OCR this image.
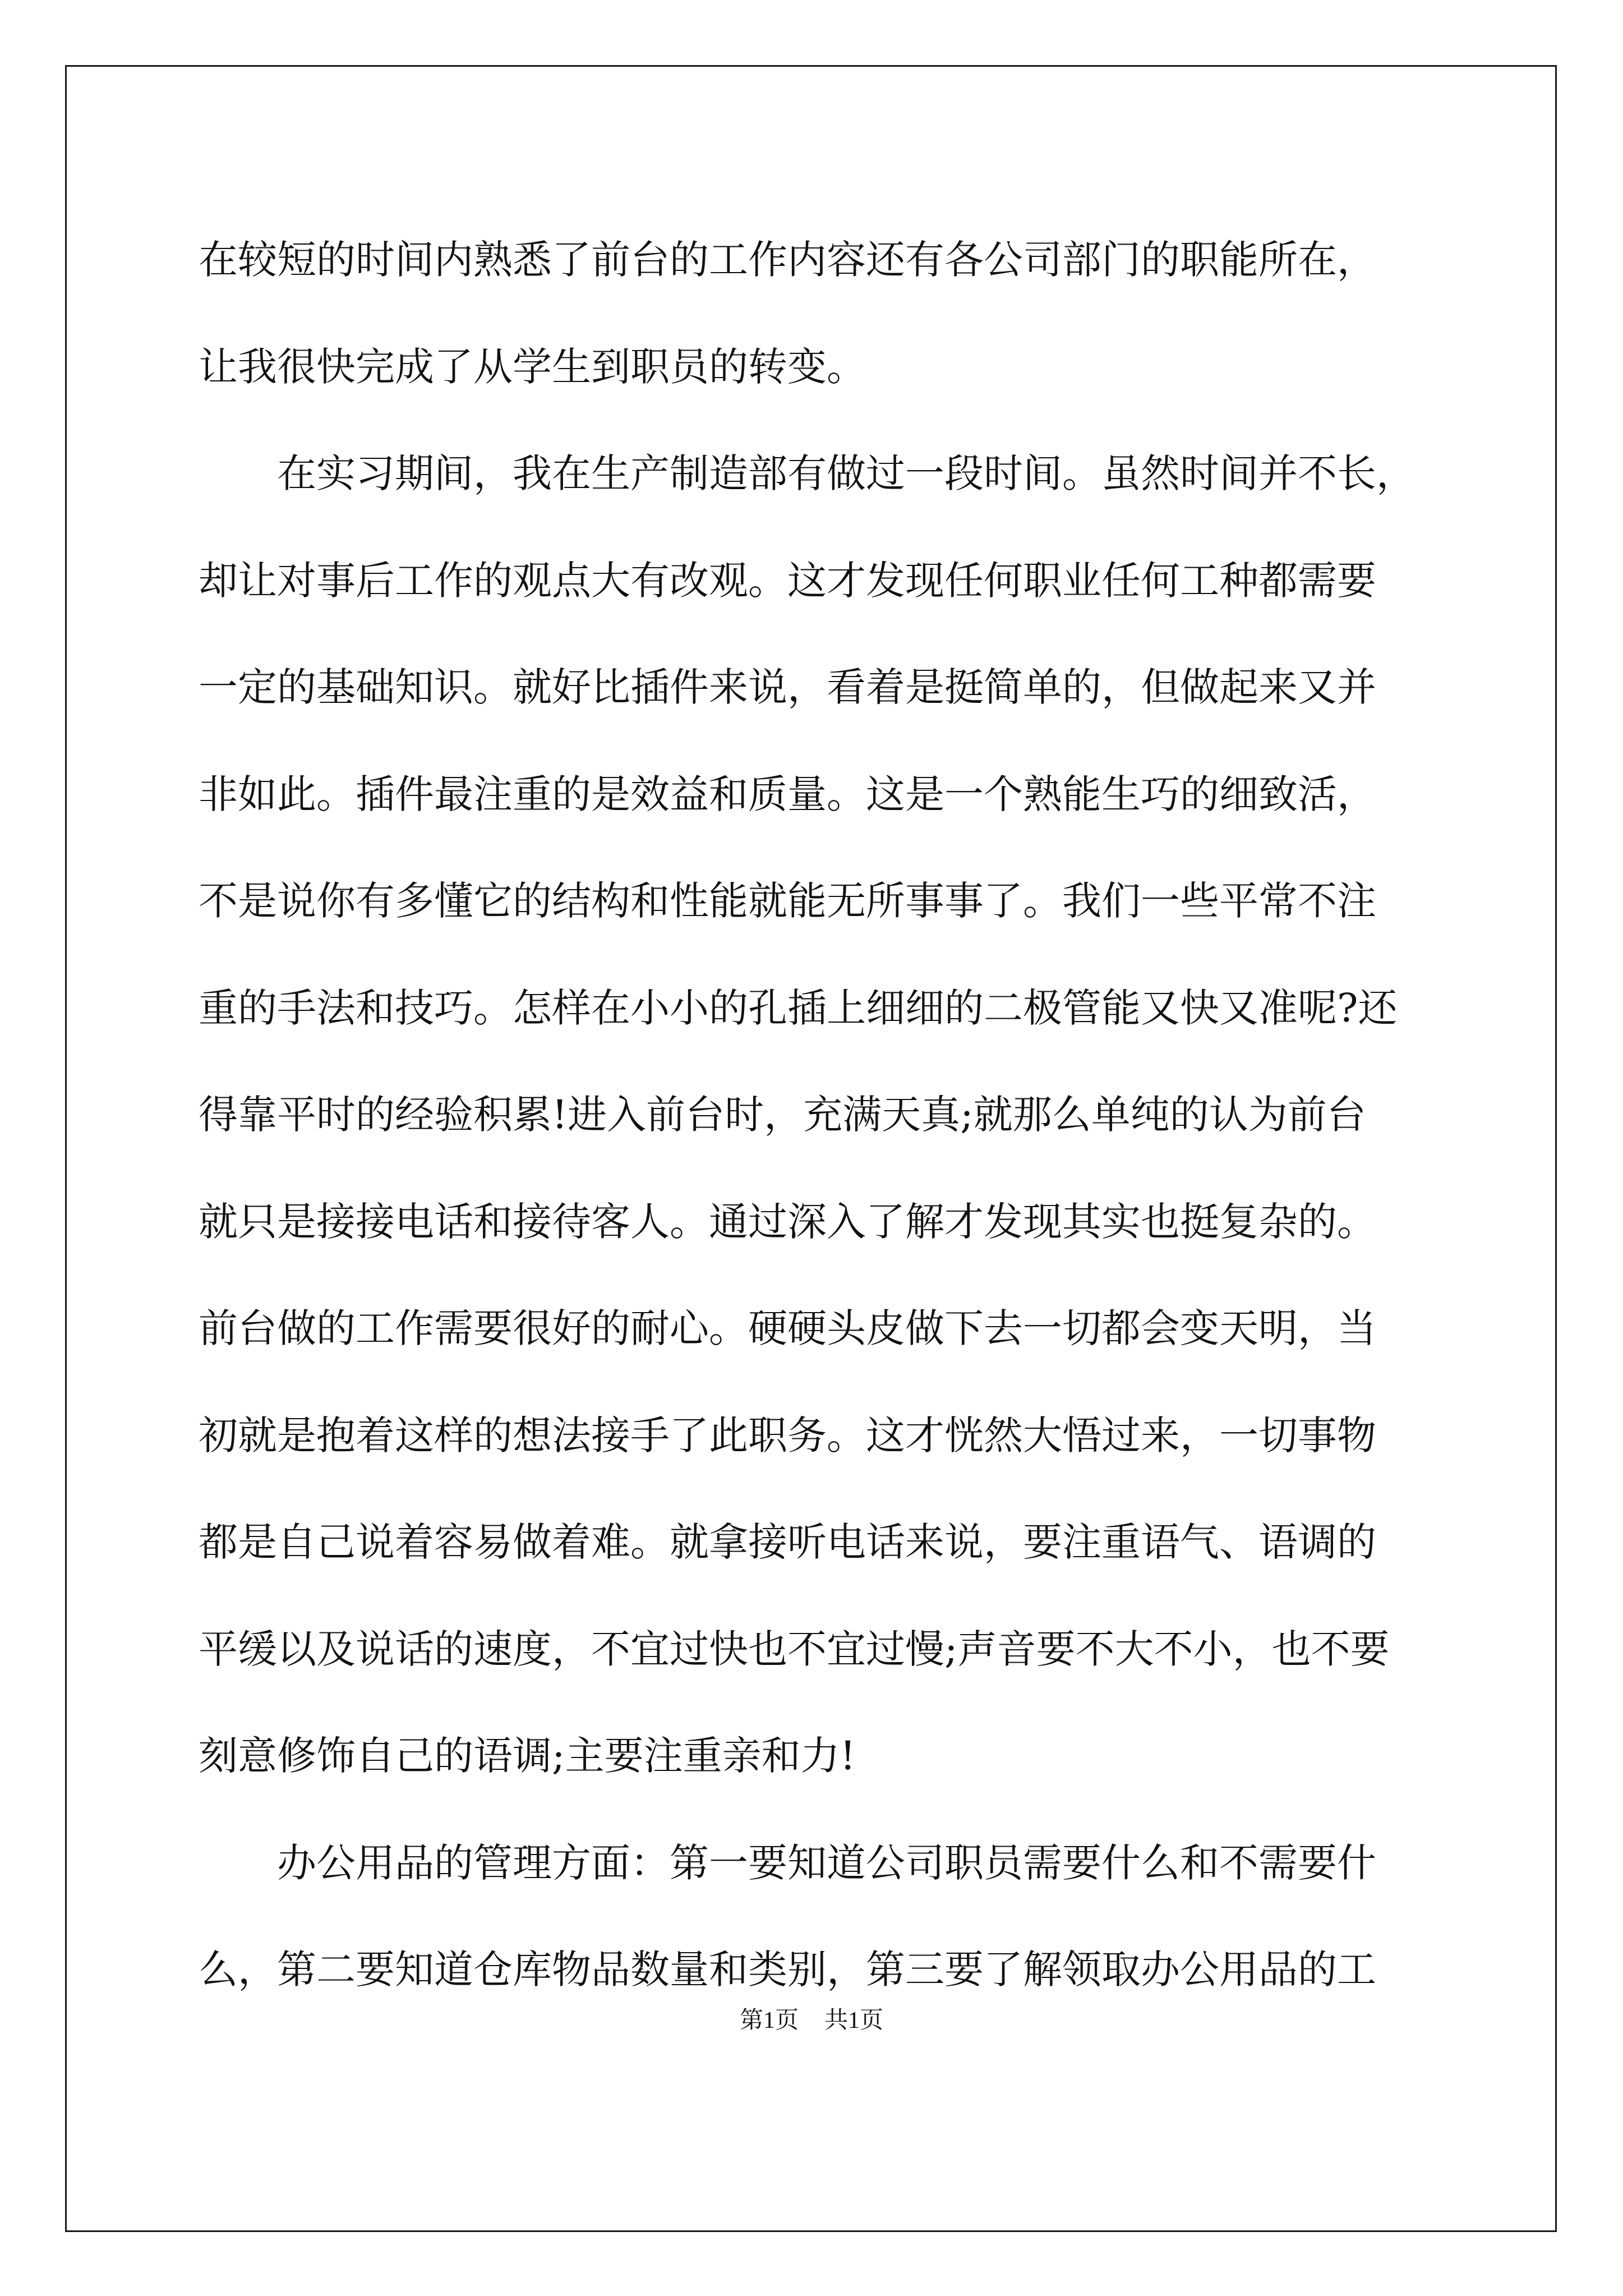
在较短的时间内熟悉了前台的工作内容还有各公司部门的职能所在，
让我很快完成了从学生到职员的转变。
在实习期间，我在生产制造部有做过一段时间。虽然时间并不长，
却让对事后工作的观点大有改观。这才发现任何职业任何工种都需要
一定的基础知识。就好比插件来说，看着是挺简单的，但做起来又并
非如此。插件最注重的是效益和质量。这是一个熟能生巧的细致活，
不是说你有多懂它的结构和性能就能无所事事了。我们一些平常不注
重的手法和技巧。怎样在小小的孔插上细细的二极管能又快又准呢?还
得靠平时的经验积累!进入前台时，充满天真;就那么单纯的认为前台
就只是接接电话和接待客人。通过深入了解才发现其实也挺复杂的。
前台做的工作需要很好的耐心。硬硬头皮做下去一切都会变天明，当
初就是抱着这样的想法接手了此职务。这才恍然大悟过来，一切事物
都是自己说着容易做着难。就拿接听电话来说，要注重语气、语调的
平缓以及说话的速度，不宜过快也不宜过慢;声音要不大不小，也不要
刻意修饰自己的语调;主要注重亲和力!
办公用品的管理方面：第一要知道公司职员需要什么和不需要什
么，第二要知道仓库物品数量和类别，第三要了解领取办公用品的工
第1页 共1页
